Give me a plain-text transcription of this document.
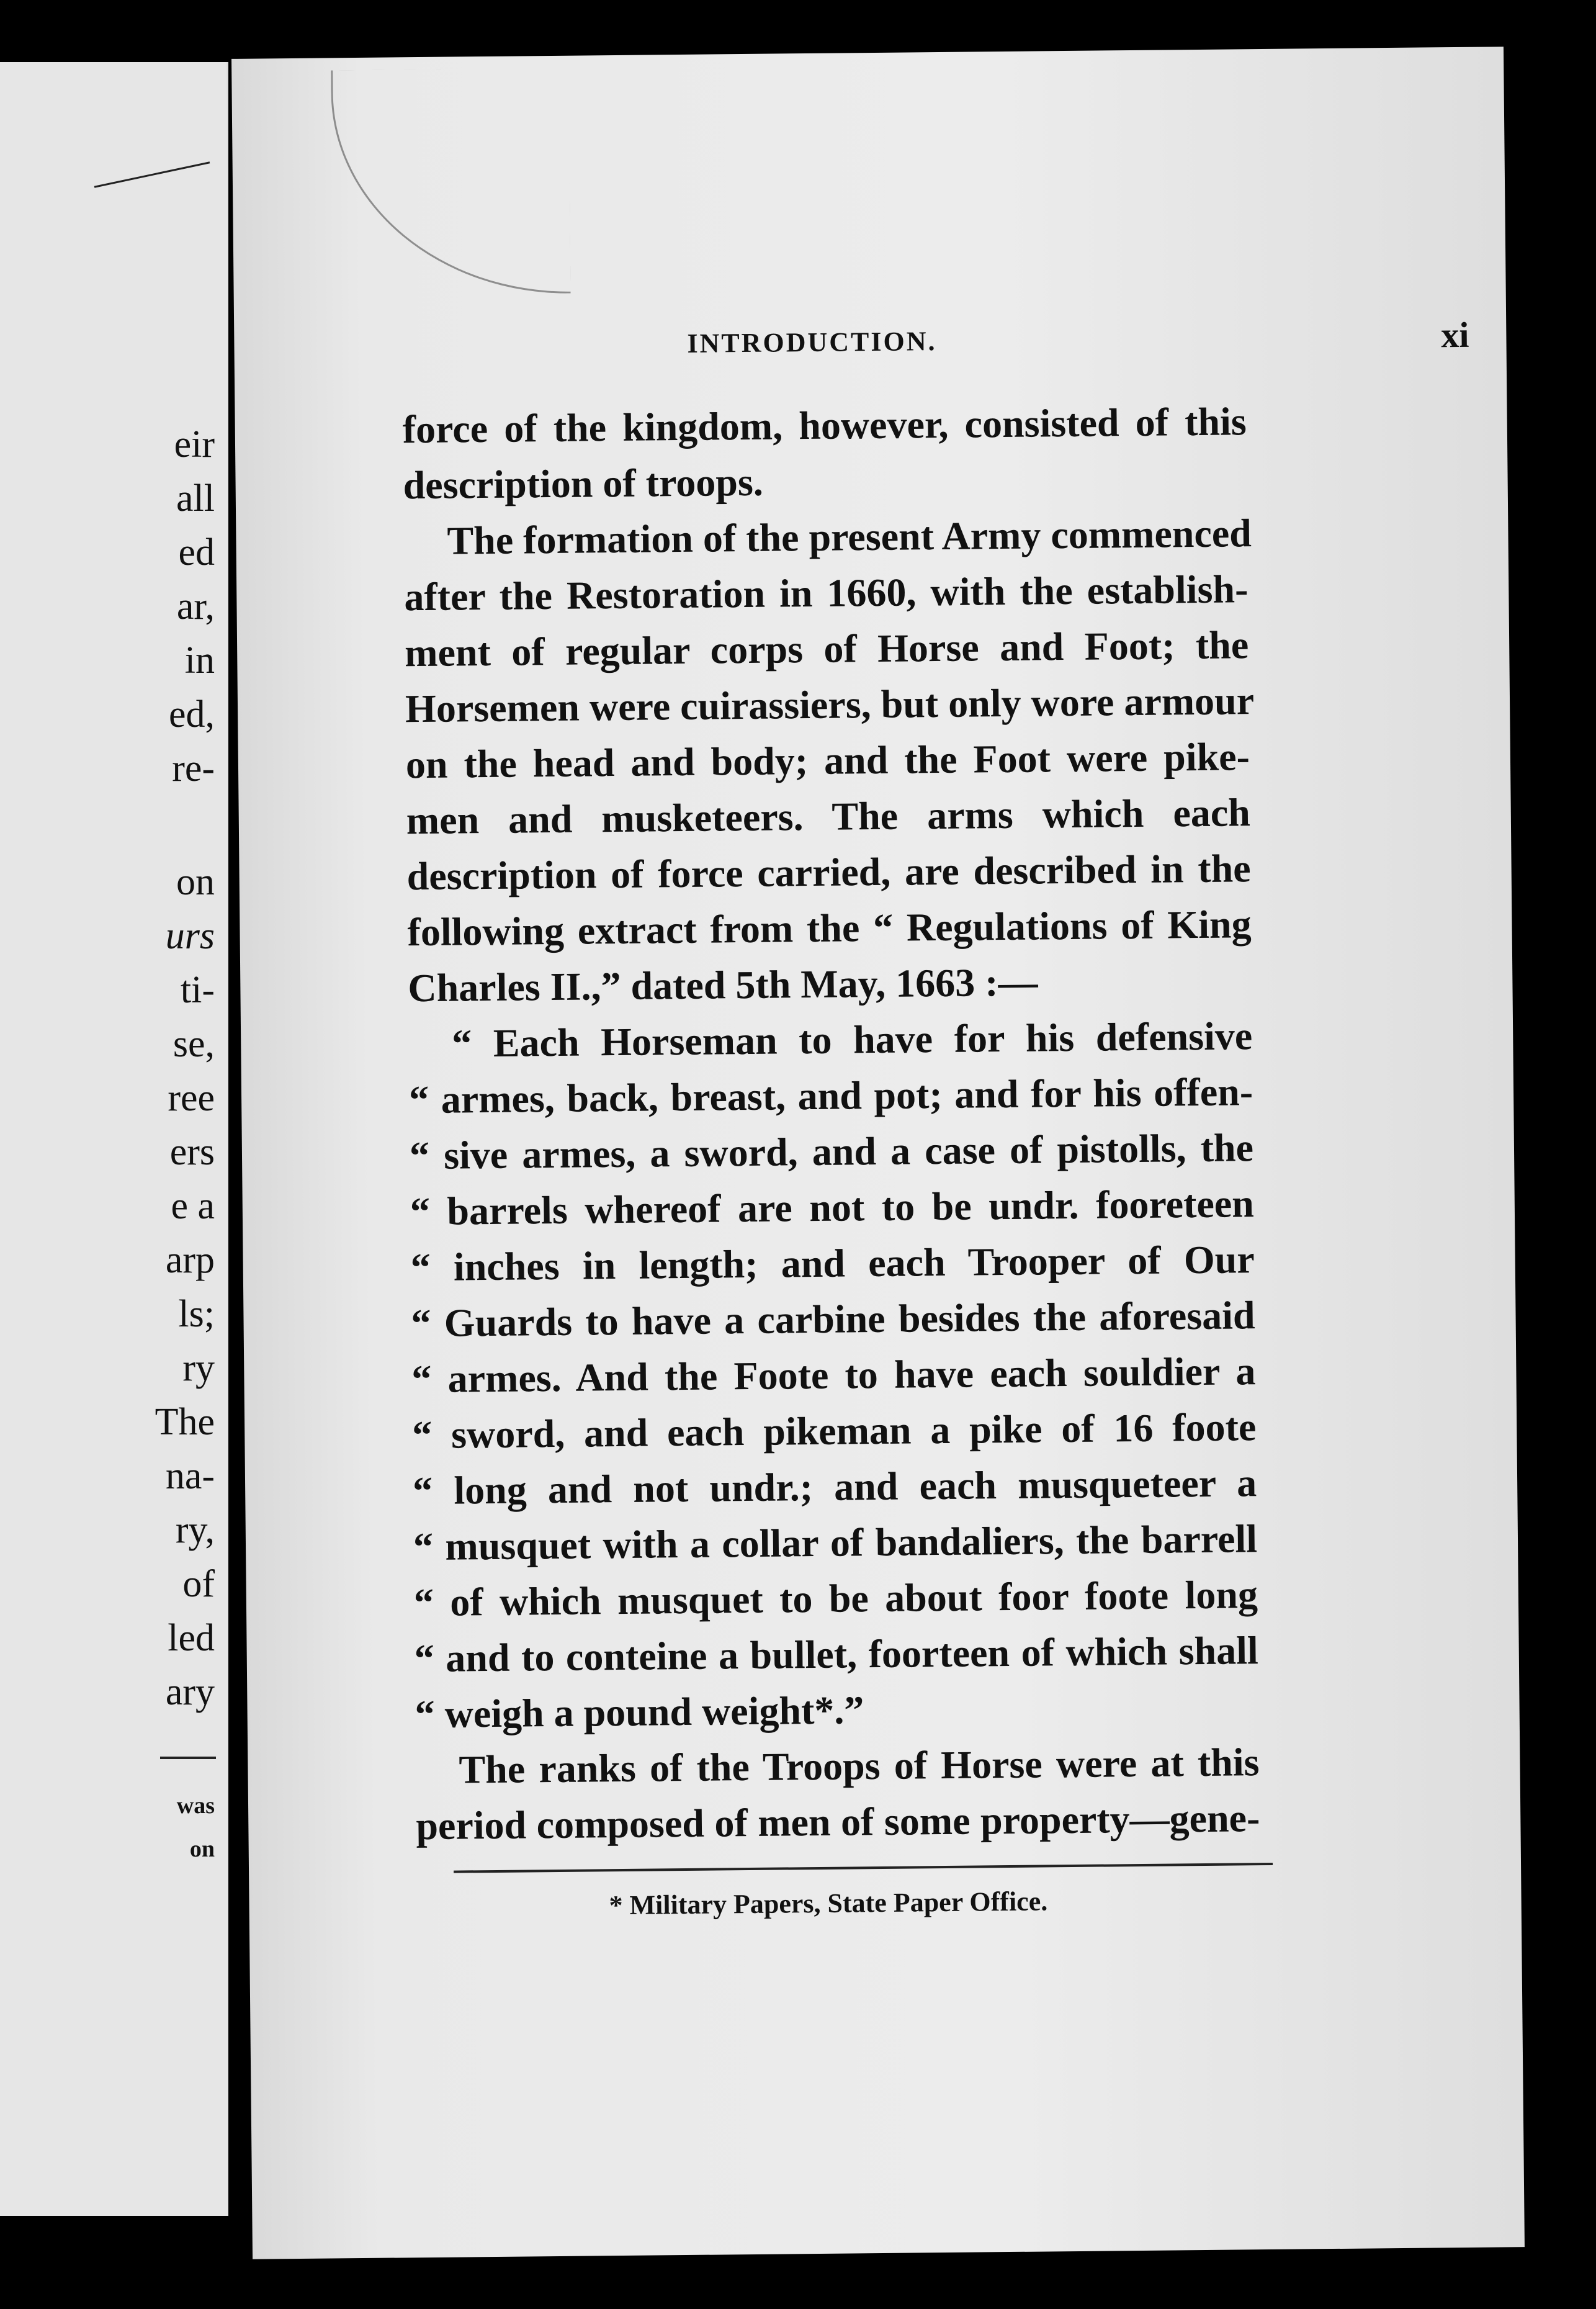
eir
all
ed
ar,
in
ed,
re-
on
urs
ti-
se,
ree
ers
e a
arp
ls;
ry
The
na-
ry,
of
led
ary
was
on
INTRODUCTION.	xi
force of the kingdom, however, consisted of this
description of troops.
The formation of the present Army commenced
after the Restoration in 1660, with the establish-
ment of regular corps of Horse and Foot; the
Horsemen were cuirassiers, but only wore armour
on the head and body; and the Foot were pike-
men and musketeers. The arms which each
description of force carried, are described in the
following extract from the “ Regulations of King
Charles II.,” dated 5th May, 1663 :—
“ Each Horseman to have for his defensive
“ armes, back, breast, and pot; and for his offen-
“ sive armes, a sword, and a case of pistolls, the
“ barrels whereof are not to be undr. fooreteen
“ inches in length; and each Trooper of Our
“ Guards to have a carbine besides the aforesaid
“ armes. And the Foote to have each souldier a
“ sword, and each pikeman a pike of 16 foote
“ long and not undr.; and each musqueteer a
“ musquet with a collar of bandaliers, the barrell
“ of which musquet to be about foor foote long
“ and to conteine a bullet, foorteen of which shall
“ weigh a pound weight*.”
The ranks of the Troops of Horse were at this
period composed of men of some property—gene-
* Military Papers, State Paper Office.
